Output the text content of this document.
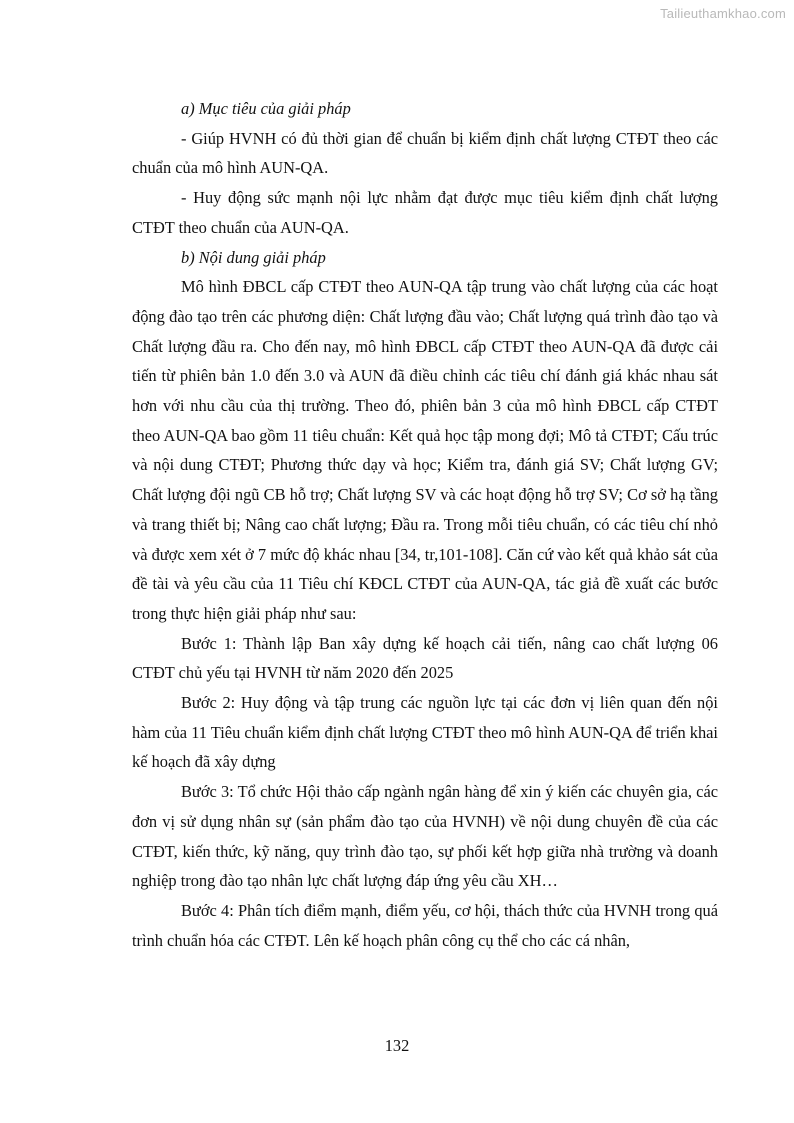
Tailieuthamkhao.com

a) Mục tiêu của giải pháp

- Giúp HVNH có đủ thời gian để chuẩn bị kiểm định chất lượng CTĐT theo các chuẩn của mô hình AUN-QA.

- Huy động sức mạnh nội lực nhằm đạt được mục tiêu kiểm định chất lượng CTĐT theo chuẩn của AUN-QA.

b) Nội dung giải pháp

Mô hình ĐBCL cấp CTĐT theo AUN-QA tập trung vào chất lượng của các hoạt động đào tạo trên các phương diện: Chất lượng đầu vào; Chất lượng quá trình đào tạo và Chất lượng đầu ra. Cho đến nay, mô hình ĐBCL cấp CTĐT theo AUN-QA đã được cải tiến từ phiên bản 1.0 đến 3.0 và AUN đã điều chỉnh các tiêu chí đánh giá khác nhau sát hơn với nhu cầu của thị trường. Theo đó, phiên bản 3 của mô hình ĐBCL cấp CTĐT theo AUN-QA bao gồm 11 tiêu chuẩn: Kết quả học tập mong đợi; Mô tả CTĐT; Cấu trúc và nội dung CTĐT; Phương thức dạy và học; Kiểm tra, đánh giá SV; Chất lượng GV; Chất lượng đội ngũ CB hỗ trợ; Chất lượng SV và các hoạt động hỗ trợ SV; Cơ sở hạ tầng và trang thiết bị; Nâng cao chất lượng; Đầu ra. Trong mỗi tiêu chuẩn, có các tiêu chí nhỏ và được xem xét ở 7 mức độ khác nhau [34, tr,101-108]. Căn cứ vào kết quả khảo sát của đề tài và yêu cầu của 11 Tiêu chí KĐCL CTĐT của AUN-QA, tác giả đề xuất các bước trong thực hiện giải pháp như sau:

Bước 1: Thành lập Ban xây dựng kế hoạch cải tiến, nâng cao chất lượng 06 CTĐT chủ yếu tại HVNH từ năm 2020 đến 2025

Bước 2: Huy động và tập trung các nguồn lực tại các đơn vị liên quan đến nội hàm của 11 Tiêu chuẩn kiểm định chất lượng CTĐT theo mô hình AUN-QA để triển khai kế hoạch đã xây dựng

Bước 3: Tổ chức Hội thảo cấp ngành ngân hàng để xin ý kiến các chuyên gia, các đơn vị sử dụng nhân sự (sản phẩm đào tạo của HVNH) về nội dung chuyên đề của các CTĐT, kiến thức, kỹ năng, quy trình đào tạo, sự phối kết hợp giữa nhà trường và doanh nghiệp trong đào tạo nhân lực chất lượng đáp ứng yêu cầu XH…

Bước 4: Phân tích điểm mạnh, điểm yếu, cơ hội, thách thức của HVNH trong quá trình chuẩn hóa các CTĐT. Lên kế hoạch phân công cụ thể cho các cá nhân,

132
